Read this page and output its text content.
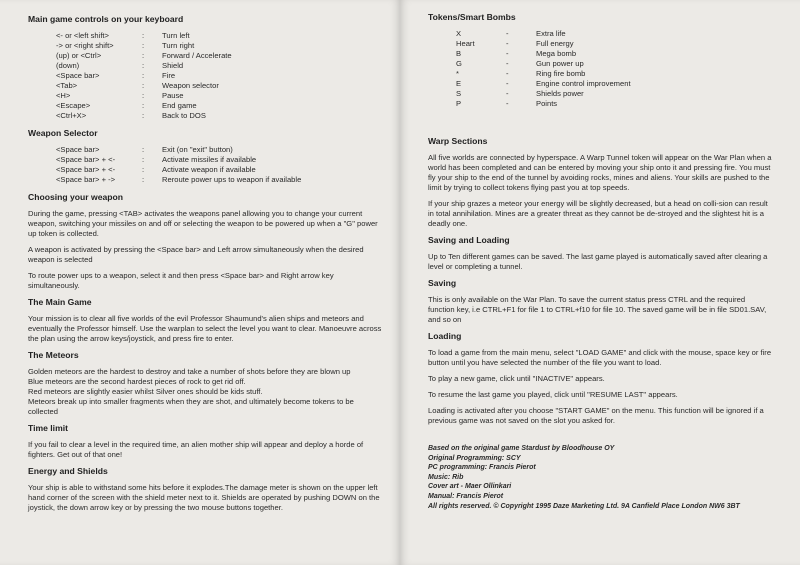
Main game controls on your keyboard
<- or <left shift>	:	Turn left
-> or <right shift>	:	Turn right
(up) or <Ctrl>	:	Forward / Accelerate
(down)	:	Shield
<Space bar>	:	Fire
<Tab>	:	Weapon selector
<H>	:	Pause
<Escape>	:	End game
<Ctrl+X>	:	Back to DOS
Weapon Selector
<Space bar>	:	Exit (on "exit" button)
<Space bar> + <-	:	Activate missiles if available
<Space bar> + <-	:	Activate weapon if available
<Space bar> + ->	:	Reroute power ups to weapon if available
Choosing your weapon

During the game, pressing <TAB> activates the weapons panel allowing you to change your current weapon, switching your missiles on and off or selecting the weapon to be powered up when a "G" power up token is collected.

A weapon is activated by pressing the <Space bar> and Left arrow simultaneously when the desired weapon is selected

To route power ups to a weapon, select it and then press <Space bar> and Right arrow key simultaneously.

The Main Game

Your mission is to clear all five worlds of the evil Professor Shaumund's alien ships and meteors and eventually the Professor himself. Use the warplan to select the level you want to clear. Manoeuvre across the plan using the arrow keys/joystick, and press fire to enter.

The Meteors

Golden meteors are the hardest to destroy and take a number of shots before they are blown up
Blue meteors are the second hardest pieces of rock to get rid off.
Red meteors are slightly easier whilst Silver ones should be kids stuff.
Meteors break up into smaller fragments when they are shot, and ultimately become tokens to be collected

Time limit

If you fail to clear a level in the required time, an alien mother ship will appear and deploy a horde of fighters. Get out of that one!

Energy and Shields

Your ship is able to withstand some hits before it explodes.The damage meter is shown on the upper left hand corner of the screen with the shield meter next to it. Shields are operated by pushing DOWN on the joystick, the down arrow key or by pressing the two mouse buttons together.

Tokens/Smart Bombs
X	-	Extra life
Heart	-	Full energy
B	-	Mega bomb
G	-	Gun power up
*	-	Ring fire bomb
E	-	Engine control improvement
S	-	Shields power
P	-	Points
Warp Sections

All five worlds are connected by hyperspace. A Warp Tunnel token will appear on the War Plan when a world has been completed and can be entered by moving your ship onto it and pressing fire. You must fly your ship to the end of the tunnel by avoiding rocks, mines and aliens. Your skills are pushed to the limit by trying to collect tokens flying past you at top speeds.

If your ship grazes a meteor your energy will be slightly decreased, but a head on colli-sion can result in total annihilation. Mines are a greater threat as they cannot be de-stroyed and the slightest hit is a deadly one.

Saving and Loading

Up to Ten different games can be saved. The last game played is automatically saved after clearing a level or completing a tunnel.

Saving

This is only available on the War Plan. To save the current status press CTRL and the required function key, i.e CTRL+F1 for file 1 to CTRL+f10 for file 10. The saved game will be in file SD01.SAV, and so on

Loading

To load a game from the main menu, select "LOAD GAME" and click with the mouse, space key or fire button until you have selected the number of the file you want to load.

To play a new game, click until "INACTIVE" appears.

To resume the last game you played, click until "RESUME LAST" appears.

Loading is activated after you choose "START GAME" on the menu. This function will be ignored if a previous game was not saved on the slot you asked for.

Based on the original game Stardust by Bloodhouse OY
Original Programming: SCY
PC programming: Francis Pierot
Music: Rib
Cover art - Maer Ollinkari
Manual: Francis Pierot
All rights reserved. © Copyright 1995 Daze Marketing Ltd. 9A Canfield Place London NW6 3BT
